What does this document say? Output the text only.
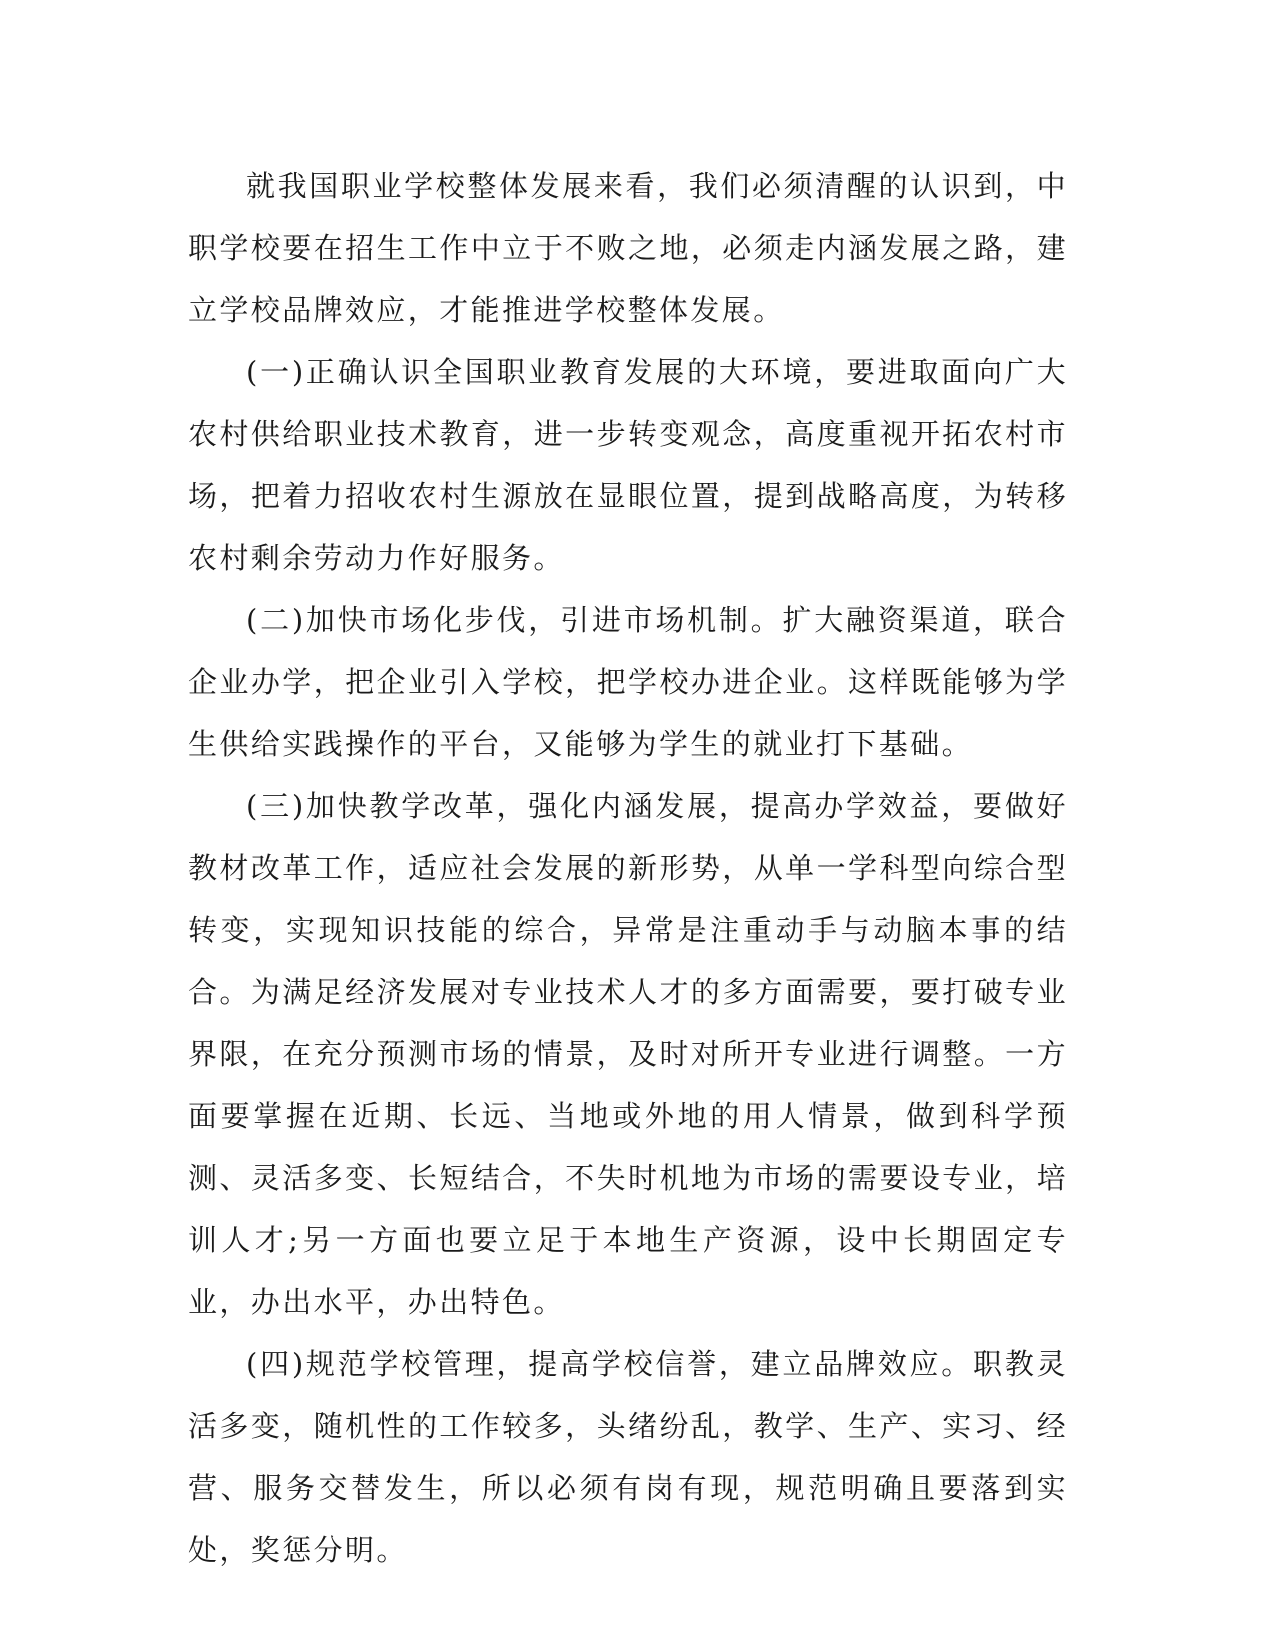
就我国职业学校整体发展来看，我们必须清醒的认识到，中职学校要在招生工作中立于不败之地，必须走内涵发展之路，建立学校品牌效应，才能推进学校整体发展。

(一)正确认识全国职业教育发展的大环境，要进取面向广大农村供给职业技术教育，进一步转变观念，高度重视开拓农村市场，把着力招收农村生源放在显眼位置，提到战略高度，为转移农村剩余劳动力作好服务。

(二)加快市场化步伐，引进市场机制。扩大融资渠道，联合企业办学，把企业引入学校，把学校办进企业。这样既能够为学生供给实践操作的平台，又能够为学生的就业打下基础。

(三)加快教学改革，强化内涵发展，提高办学效益，要做好教材改革工作，适应社会发展的新形势，从单一学科型向综合型转变，实现知识技能的综合，异常是注重动手与动脑本事的结合。为满足经济发展对专业技术人才的多方面需要，要打破专业界限，在充分预测市场的情景，及时对所开专业进行调整。一方面要掌握在近期、长远、当地或外地的用人情景，做到科学预测、灵活多变、长短结合，不失时机地为市场的需要设专业，培训人才;另一方面也要立足于本地生产资源，设中长期固定专业，办出水平，办出特色。

(四)规范学校管理，提高学校信誉，建立品牌效应。职教灵活多变，随机性的工作较多，头绪纷乱，教学、生产、实习、经营、服务交替发生，所以必须有岗有现，规范明确且要落到实处，奖惩分明。
